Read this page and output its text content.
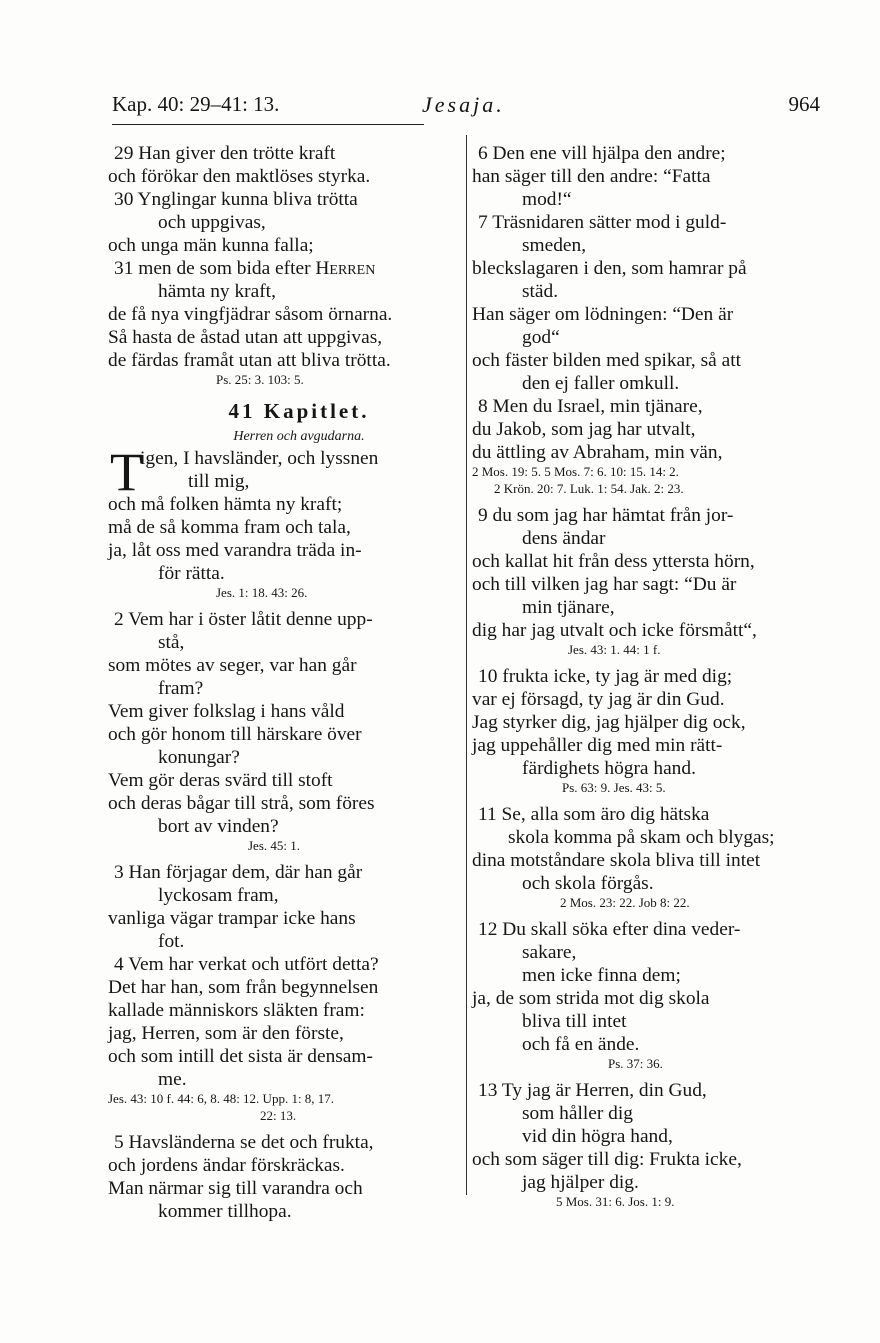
Kap. 40: 29–41: 13.	Jesaja.	964
29 Han giver den trötte kraft
och förökar den maktlöses styrka.
30 Ynglingar kunna bliva trötta
och uppgivas,
och unga män kunna falla;
31 men de som bida efter Herren
hämta ny kraft,
de få nya vingfjädrar såsom örnarna.
Så hasta de åstad utan att uppgivas,
de färdas framåt utan att bliva trötta.
Ps. 25: 3. 103: 5.
41 Kapitlet.
Herren och avgudarna.
T
igen, I havsländer, och lyssnen
till mig,
och må folken hämta ny kraft;
må de så komma fram och tala,
ja, låt oss med varandra träda in-
för rätta.
Jes. 1: 18. 43: 26.
2 Vem har i öster låtit denne upp-
stå,
som mötes av seger, var han går
fram?
Vem giver folkslag i hans våld
och gör honom till härskare över
konungar?
Vem gör deras svärd till stoft
och deras bågar till strå, som föres
bort av vinden?
Jes. 45: 1.
3 Han förjagar dem, där han går
lyckosam fram,
vanliga vägar trampar icke hans
fot.
4 Vem har verkat och utfört detta?
Det har han, som från begynnelsen
kallade människors släkten fram:
jag, Herren, som är den förste,
och som intill det sista är densam-
me.
Jes. 43: 10 f. 44: 6, 8. 48: 12. Upp. 1: 8, 17.
22: 13.
5 Havsländerna se det och frukta,
och jordens ändar förskräckas.
Man närmar sig till varandra och
kommer tillhopa.
6 Den ene vill hjälpa den andre;
han säger till den andre: “Fatta
mod!“
7 Träsnidaren sätter mod i guld-
smeden,
bleckslagaren i den, som hamrar på
städ.
Han säger om lödningen: “Den är
god“
och fäster bilden med spikar, så att
den ej faller omkull.
8 Men du Israel, min tjänare,
du Jakob, som jag har utvalt,
du ättling av Abraham, min vän,
2 Mos. 19: 5. 5 Mos. 7: 6. 10: 15. 14: 2.
2 Krön. 20: 7. Luk. 1: 54. Jak. 2: 23.
9 du som jag har hämtat från jor-
dens ändar
och kallat hit från dess yttersta hörn,
och till vilken jag har sagt: “Du är
min tjänare,
dig har jag utvalt och icke försmått“,
Jes. 43: 1. 44: 1 f.
10 frukta icke, ty jag är med dig;
var ej försagd, ty jag är din Gud.
Jag styrker dig, jag hjälper dig ock,
jag uppehåller dig med min rätt-
färdighets högra hand.
Ps. 63: 9. Jes. 43: 5.
11 Se, alla som äro dig hätska
skola komma på skam och blygas;
dina motståndare skola bliva till intet
och skola förgås.
2 Mos. 23: 22. Job 8: 22.
12 Du skall söka efter dina veder-
sakare,
men icke finna dem;
ja, de som strida mot dig skola
bliva till intet
och få en ände.
Ps. 37: 36.
13 Ty jag är Herren, din Gud,
som håller dig
vid din högra hand,
och som säger till dig: Frukta icke,
jag hjälper dig.
5 Mos. 31: 6. Jos. 1: 9.
